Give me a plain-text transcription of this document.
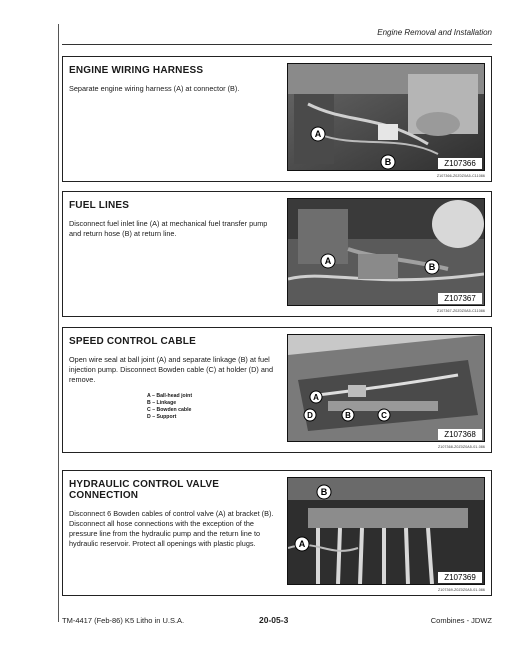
Engine Removal and Installation
ENGINE WIRING HARNESS

Separate engine wiring harness (A) at connector (B).

A
B	Z107366
Z107366-Z0Z0Z0A5-C11086
FUEL LINES

Disconnect fuel inlet line (A) at mechanical fuel transfer pump and return hose (B) at return line.

A
B
Z107367
Z107367-Z0Z0Z0A5-C11086
SPEED CONTROL CABLE

Open wire seal at ball joint (A) and separate linkage (B) at fuel injection pump. Disconnect Bowden cable (C) at holder (D) and remove.

A – Ball-head joint
B – Linkage
C – Bowden cable
D – Support
A
B	C
D
Z107368
Z107368-Z0Z0Z0A5-01-086
HYDRAULIC CONTROL VALVE CONNECTION

Disconnect 6 Bowden cables of control valve (A) at bracket (B). Disconnect all hose connections with the exception of the pressure line from the hydraulic pump and the return line to hydraulic reservoir. Protect all openings with plastic plugs.

B
A
Z107369
Z107369-Z0Z0Z0A5-01-086
TM-4417 (Feb-86) K5 Litho in U.S.A.	20-05-3	Combines - JDWZ
